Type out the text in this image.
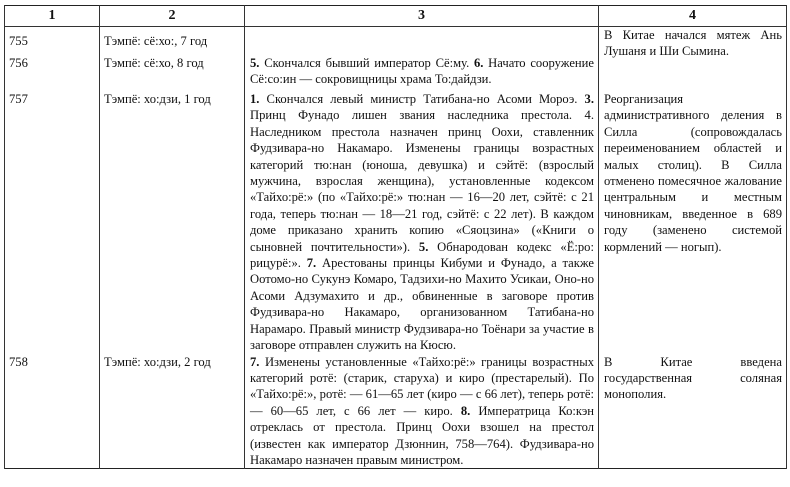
1	2	3	4
755	Тэмпё: сё:хо:, 7 год		В Китае начался мятеж Ань Лушаня и Ши Сымина.
756	Тэмпё: сё:хо, 8 год	5. Скончался бывший император Сё:му. 6. Начато сооружение Сё:со:ин — сокровищницы храма То:дайдзи.	
757	Тэмпё: хо:дзи, 1 год	1. Скончался левый министр Татибана-но Асоми Мороэ. 3. Принц Фунадо лишен звания наследника престола. 4. Наследником престола назначен принц Оохи, ставленник Фудзивара-но Накамаро. Изменены границы возрастных категорий тю:нан (юноша, девушка) и сэйтё: (взрослый мужчина, взрослая женщина), установленные кодексом «Тайхо:рё:» (по «Тайхо:рё:» тю:нан — 16—20 лет, сэйтё: с 21 года, теперь тю:нан — 18—21 год, сэйтё: с 22 лет). В каждом доме приказано хранить копию «Сяоцзина» («Книги о сыновней почтительности»). 5. Обнародован кодекс «Ё:ро: рицурё:». 7. Арестованы принцы Кибуми и Фунадо, а также Оотомо-но Сукунэ Комаро, Тадзихи-но Махито Усикаи, Оно-но Асоми Адзумахито и др., обвиненные в заговоре против Фудзивара-но Накамаро, организованном Татибана-но Нарамаро. Правый министр Фудзивара-но Тоёнари за участие в заговоре отправлен служить на Кюсю.	Реорганизация административного деления в Силла (сопровождалась переименованием областей и малых столиц). В Силла отменено помесячное жалование центральным и местным чиновникам, введенное в 689 году (заменено системой кормлений — ногып).
758	Тэмпё: хо:дзи, 2 год	7. Изменены установленные «Тайхо:рё:» границы возрастных категорий ротё: (старик, старуха) и киро (престарелый). По «Тайхо:рё:», ротё: — 61—65 лет (киро — с 66 лет), теперь ротё: — 60—65 лет, с 66 лет — киро. 8. Императрица Ко:кэн отреклась от престола. Принц Оохи взошел на престол (известен как император Дзюннин, 758—764). Фудзивара-но Накамаро назначен правым министром.	В Китае введена государственная соляная монополия.
